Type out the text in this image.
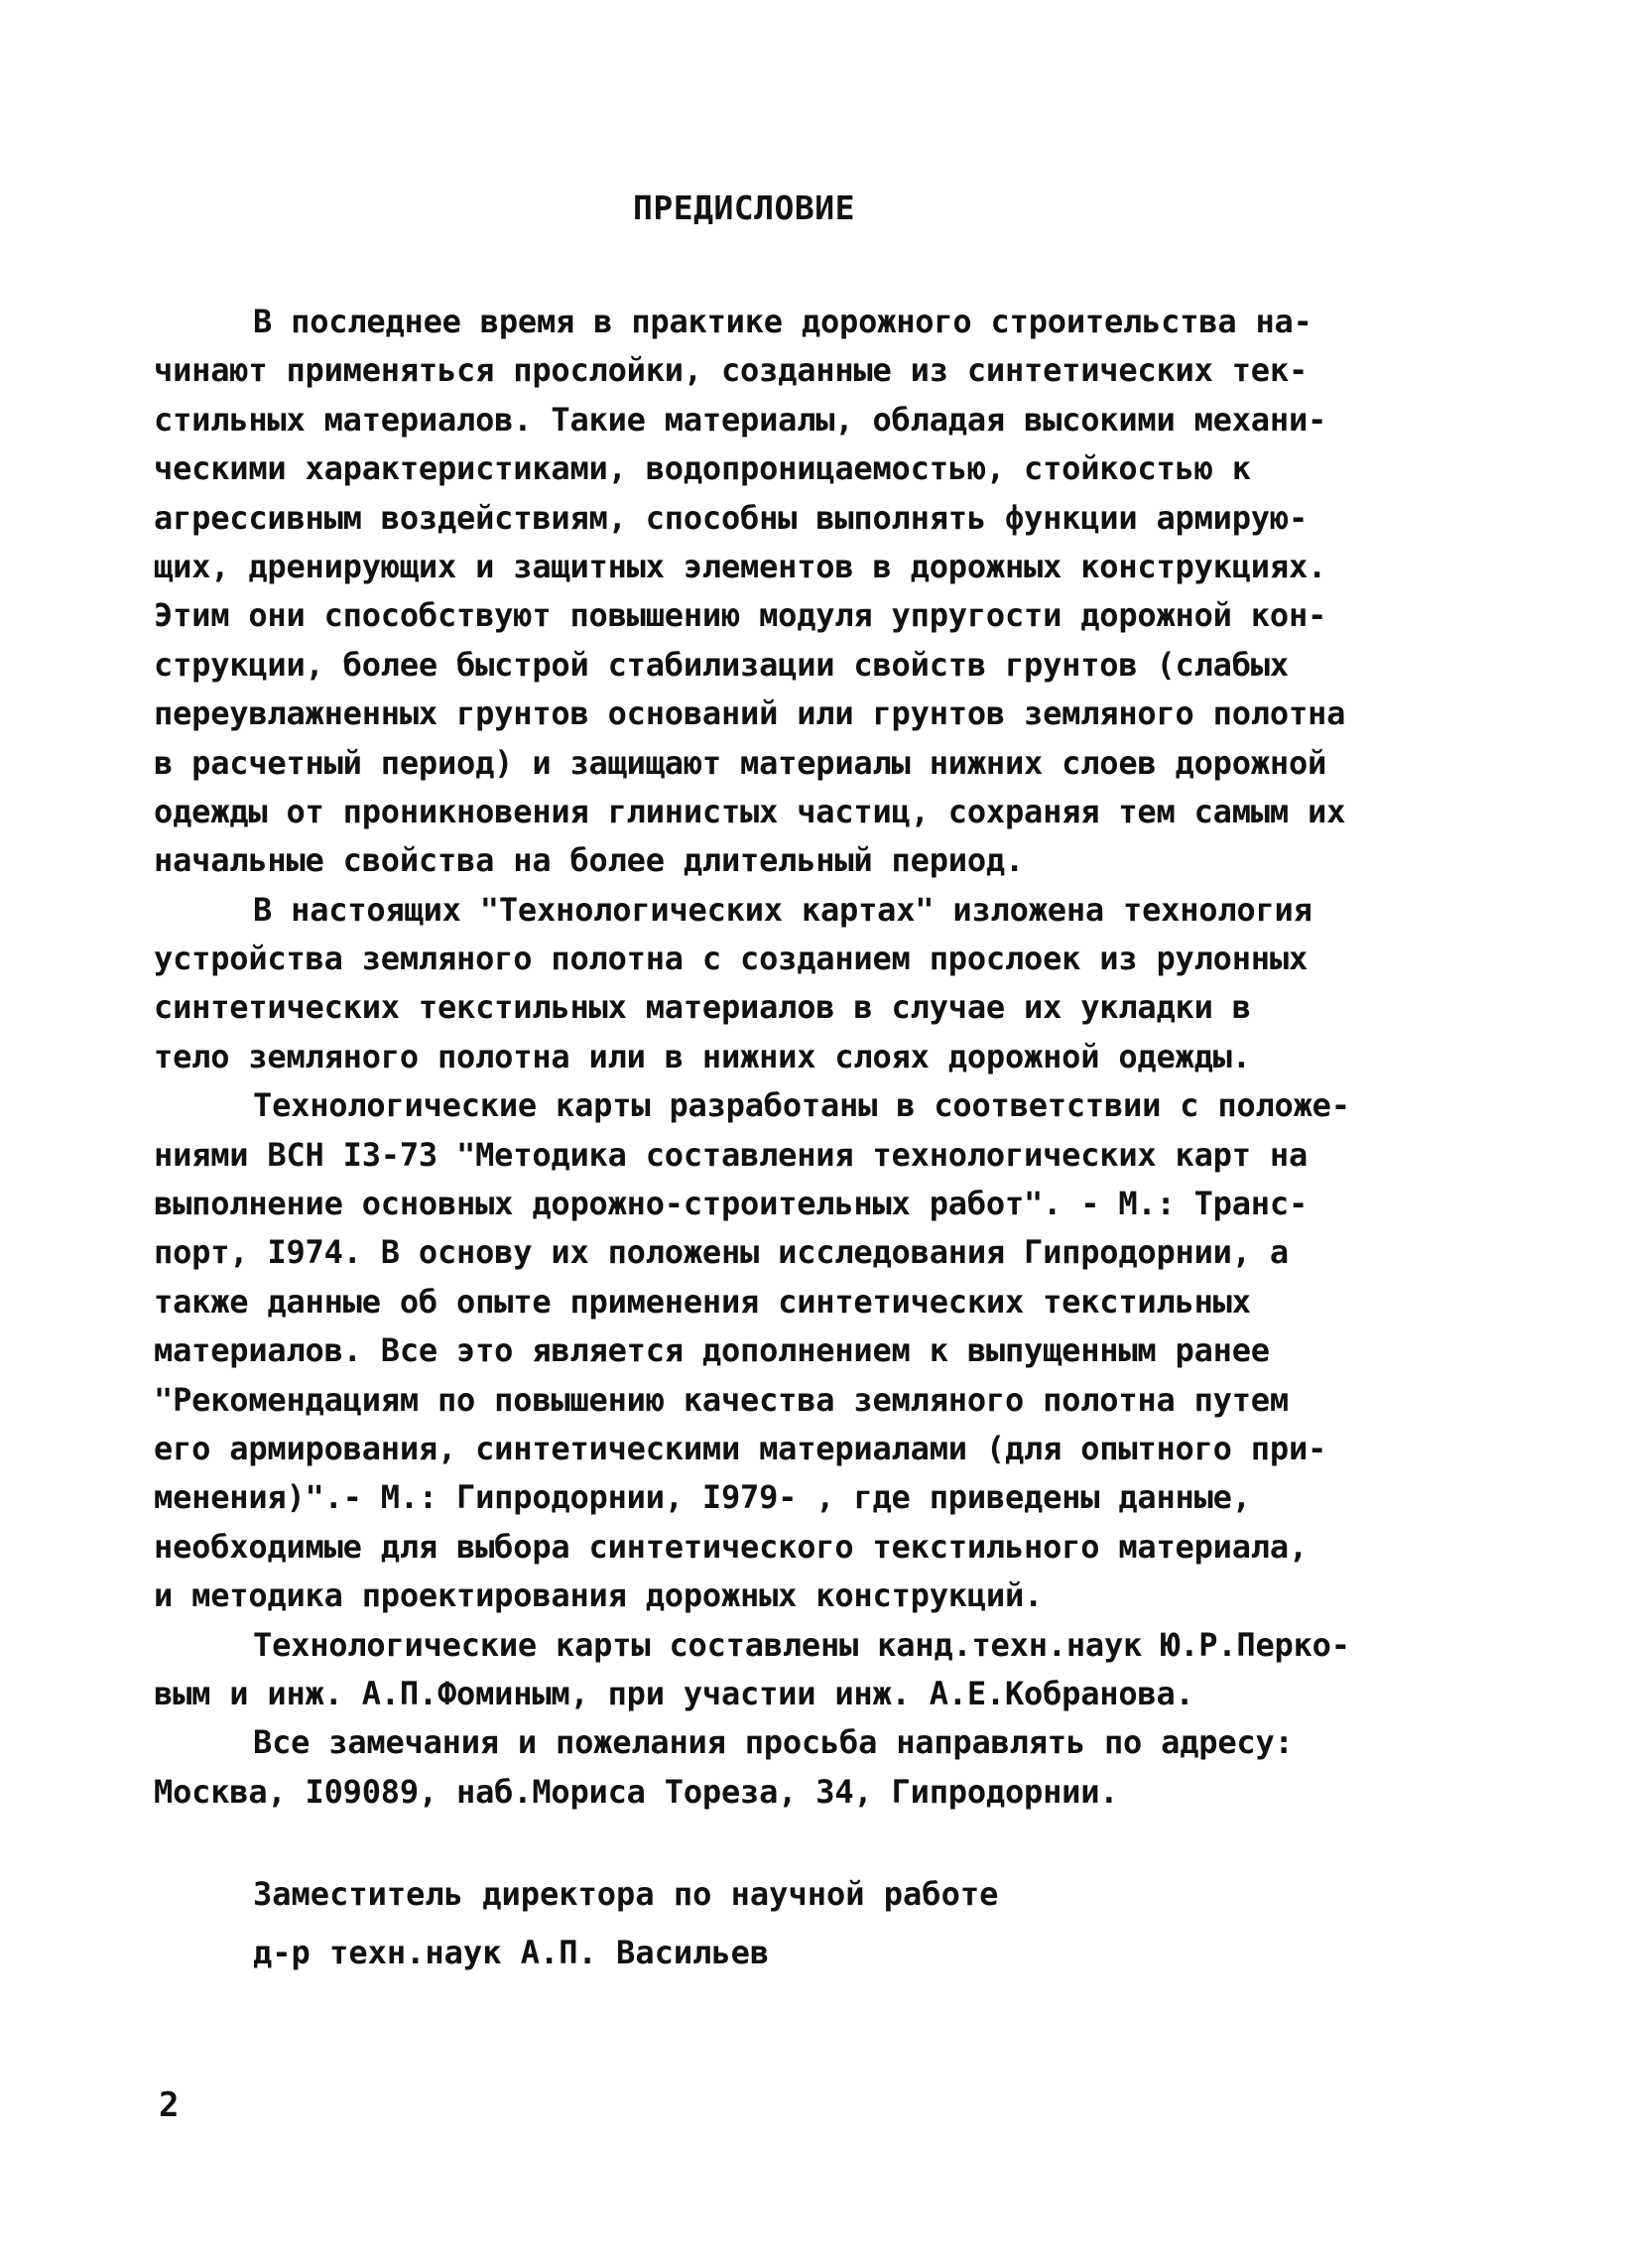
ПРЕДИСЛОВИЕ
В последнее время в практике дорожного строительства на-
чинают применяться прослойки, созданные из синтетических тек-
стильных материалов. Такие материалы, обладая высокими механи-
ческими характеристиками, водопроницаемостью, стойкостью к
агрессивным воздействиям, способны выполнять функции армирую-
щих, дренирующих и защитных элементов в дорожных конструкциях.
Этим они способствуют повышению модуля упругости дорожной кон-
струкции, более быстрой стабилизации свойств грунтов (слабых
переувлажненных грунтов оснований или грунтов земляного полотна
в расчетный период) и защищают материалы нижних слоев дорожной
одежды от проникновения глинистых частиц, сохраняя тем самым их
начальные свойства на более длительный период.
В настоящих "Технологических картах" изложена технология
устройства земляного полотна с созданием прослоек из рулонных
синтетических текстильных материалов в случае их укладки в
тело земляного полотна или в нижних слоях дорожной одежды.
Технологические карты разработаны в соответствии с положе-
ниями ВСН I3-73 "Методика составления технологических карт на
выполнение основных дорожно-строительных работ". - М.: Транс-
порт, I974. В основу их положены исследования Гипродорнии, а
также данные об опыте применения синтетических текстильных
материалов. Все это является дополнением к выпущенным ранее
"Рекомендациям по повышению качества земляного полотна путем
его армирования, синтетическими материалами (для опытного при-
менения)".- М.: Гипродорнии, I979- , где приведены данные,
необходимые для выбора синтетического текстильного материала,
и методика проектирования дорожных конструкций.
Технологические карты составлены канд.техн.наук Ю.Р.Перко-
вым и инж. А.П.Фоминым, при участии инж. А.Е.Кобранова.
Все замечания и пожелания просьба направлять по адресу:
Москва, I09089, наб.Мориса Тореза, 34, Гипродорнии.
Заместитель директора по научной работе
д-р техн.наук А.П. Васильев
2
